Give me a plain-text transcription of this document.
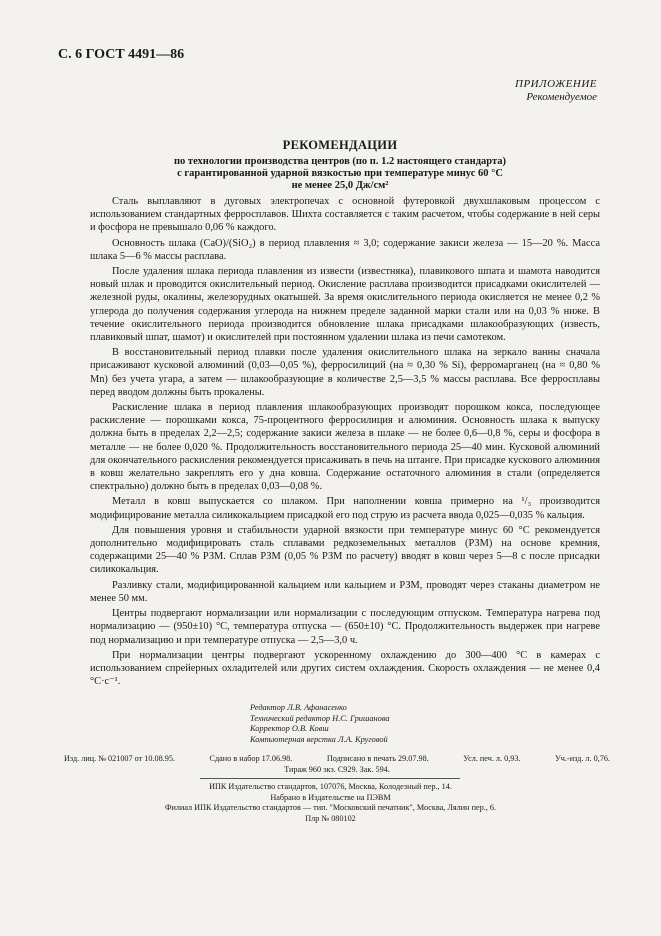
С. 6 ГОСТ 4491—86
ПРИЛОЖЕНИЕ
Рекомендуемое
РЕКОМЕНДАЦИИ
по технологии производства центров (по п. 1.2 настоящего стандарта)
с гарантированной ударной вязкостью при температуре минус 60 °С
не менее 25,0 Дж/см²

Сталь выплавляют в дуговых электропечах с основной футеровкой двухшлаковым процессом с использованием стандартных ферросплавов. Шихта составляется с таким расчетом, чтобы содержание в ней серы и фосфора не превышало 0,06 % каждого.

Основность шлака (CaO)/(SiO₂) в период плавления ≈ 3,0; содержание закиси железа — 15—20 %. Масса шлака 5—6 % массы расплава.

После удаления шлака периода плавления из извести (известняка), плавикового шпата и шамота наводится новый шлак и проводится окислительный период. Окисление расплава производится присадками окислителей — железной руды, окалины, железорудных окатышей. За время окислительного периода окисляется не менее 0,2 % углерода до получения содержания углерода на нижнем пределе заданной марки стали или на 0,03 % ниже. В течение окислительного периода производится обновление шлака присадками шлакообразующих (известь, плавиковый шпат, шамот) и окислителей при постоянном удалении шлака из печи самотеком.

В восстановительный период плавки после удаления окислительного шлака на зеркало ванны сначала присаживают кусковой алюминий (0,03—0,05 %), ферросилиций (на ≈ 0,30 % Si), ферромарганец (на ≈ 0,80 % Mn) без учета угара, а затем — шлакообразующие в количестве 2,5—3,5 % массы расплава. Все ферросплавы перед вводом должны быть прокалены.

Раскисление шлака в период плавления шлакообразующих производят порошком кокса, последующее раскисление — порошками кокса, 75-процентного ферросилиция и алюминия. Основность шлака к выпуску должна быть в пределах 2,2—2,5; содержание закиси железа в шлаке — не более 0,6—0,8 %, серы и фосфора в металле — не более 0,020 %. Продолжительность восстановительного периода 25—40 мин. Кусковой алюминий для окончательного раскисления рекомендуется присаживать в печь на штанге. При присадке кускового алюминия в ковш желательно закреплять его у дна ковша. Содержание остаточного алюминия в стали (определяется спектрально) должно быть в пределах 0,03—0,08 %.

Металл в ковш выпускается со шлаком. При наполнении ковша примерно на ¹/₃ производится модифицирование металла силикокальцием присадкой его под струю из расчета ввода 0,025—0,035 % кальция.

Для повышения уровня и стабильности ударной вязкости при температуре минус 60 °С рекомендуется дополнительно модифицировать сталь сплавами редкоземельных металлов (РЗМ) на основе кремния, содержащими 25—40 % РЗМ. Сплав РЗМ (0,05 % РЗМ по расчету) вводят в ковш через 5—8 с после присадки силикокальция.

Разливку стали, модифицированной кальцием или кальцием и РЗМ, проводят через стаканы диаметром не менее 50 мм.

Центры подвергают нормализации или нормализации с последующим отпуском. Температура нагрева под нормализацию — (950±10) °С, температура отпуска — (650±10) °С. Продолжительность выдержек при нагреве под нормализацию и при температуре отпуска — 2,5—3,0 ч.

При нормализации центры подвергают ускоренному охлаждению до 300—400 °С в камерах с использованием спрейерных охладителей или других систем охлаждения. Скорость охлаждения — не менее 0,4 °С·с⁻¹.

Редактор Л.В. Афанасенко
Технический редактор Н.С. Гришанова
Корректор О.В. Ковш
Компьютерная верстка Л.А. Круговой
Изд. лиц. № 021007 от 10.08.95.	Сдано в набор 17.06.98.	Подписано в печать 29.07.98.	Усл. печ. л. 0,93.	Уч.-изд. л. 0,76.
Тираж 960 экз. С929. Зак. 594.
ИПК Издательство стандартов, 107076, Москва, Колодезный пер., 14.
Набрано в Издательстве на ПЭВМ
Филиал ИПК Издательство стандартов — тип. "Московский печатник", Москва, Лялин пер., 6.
Плр № 080102
